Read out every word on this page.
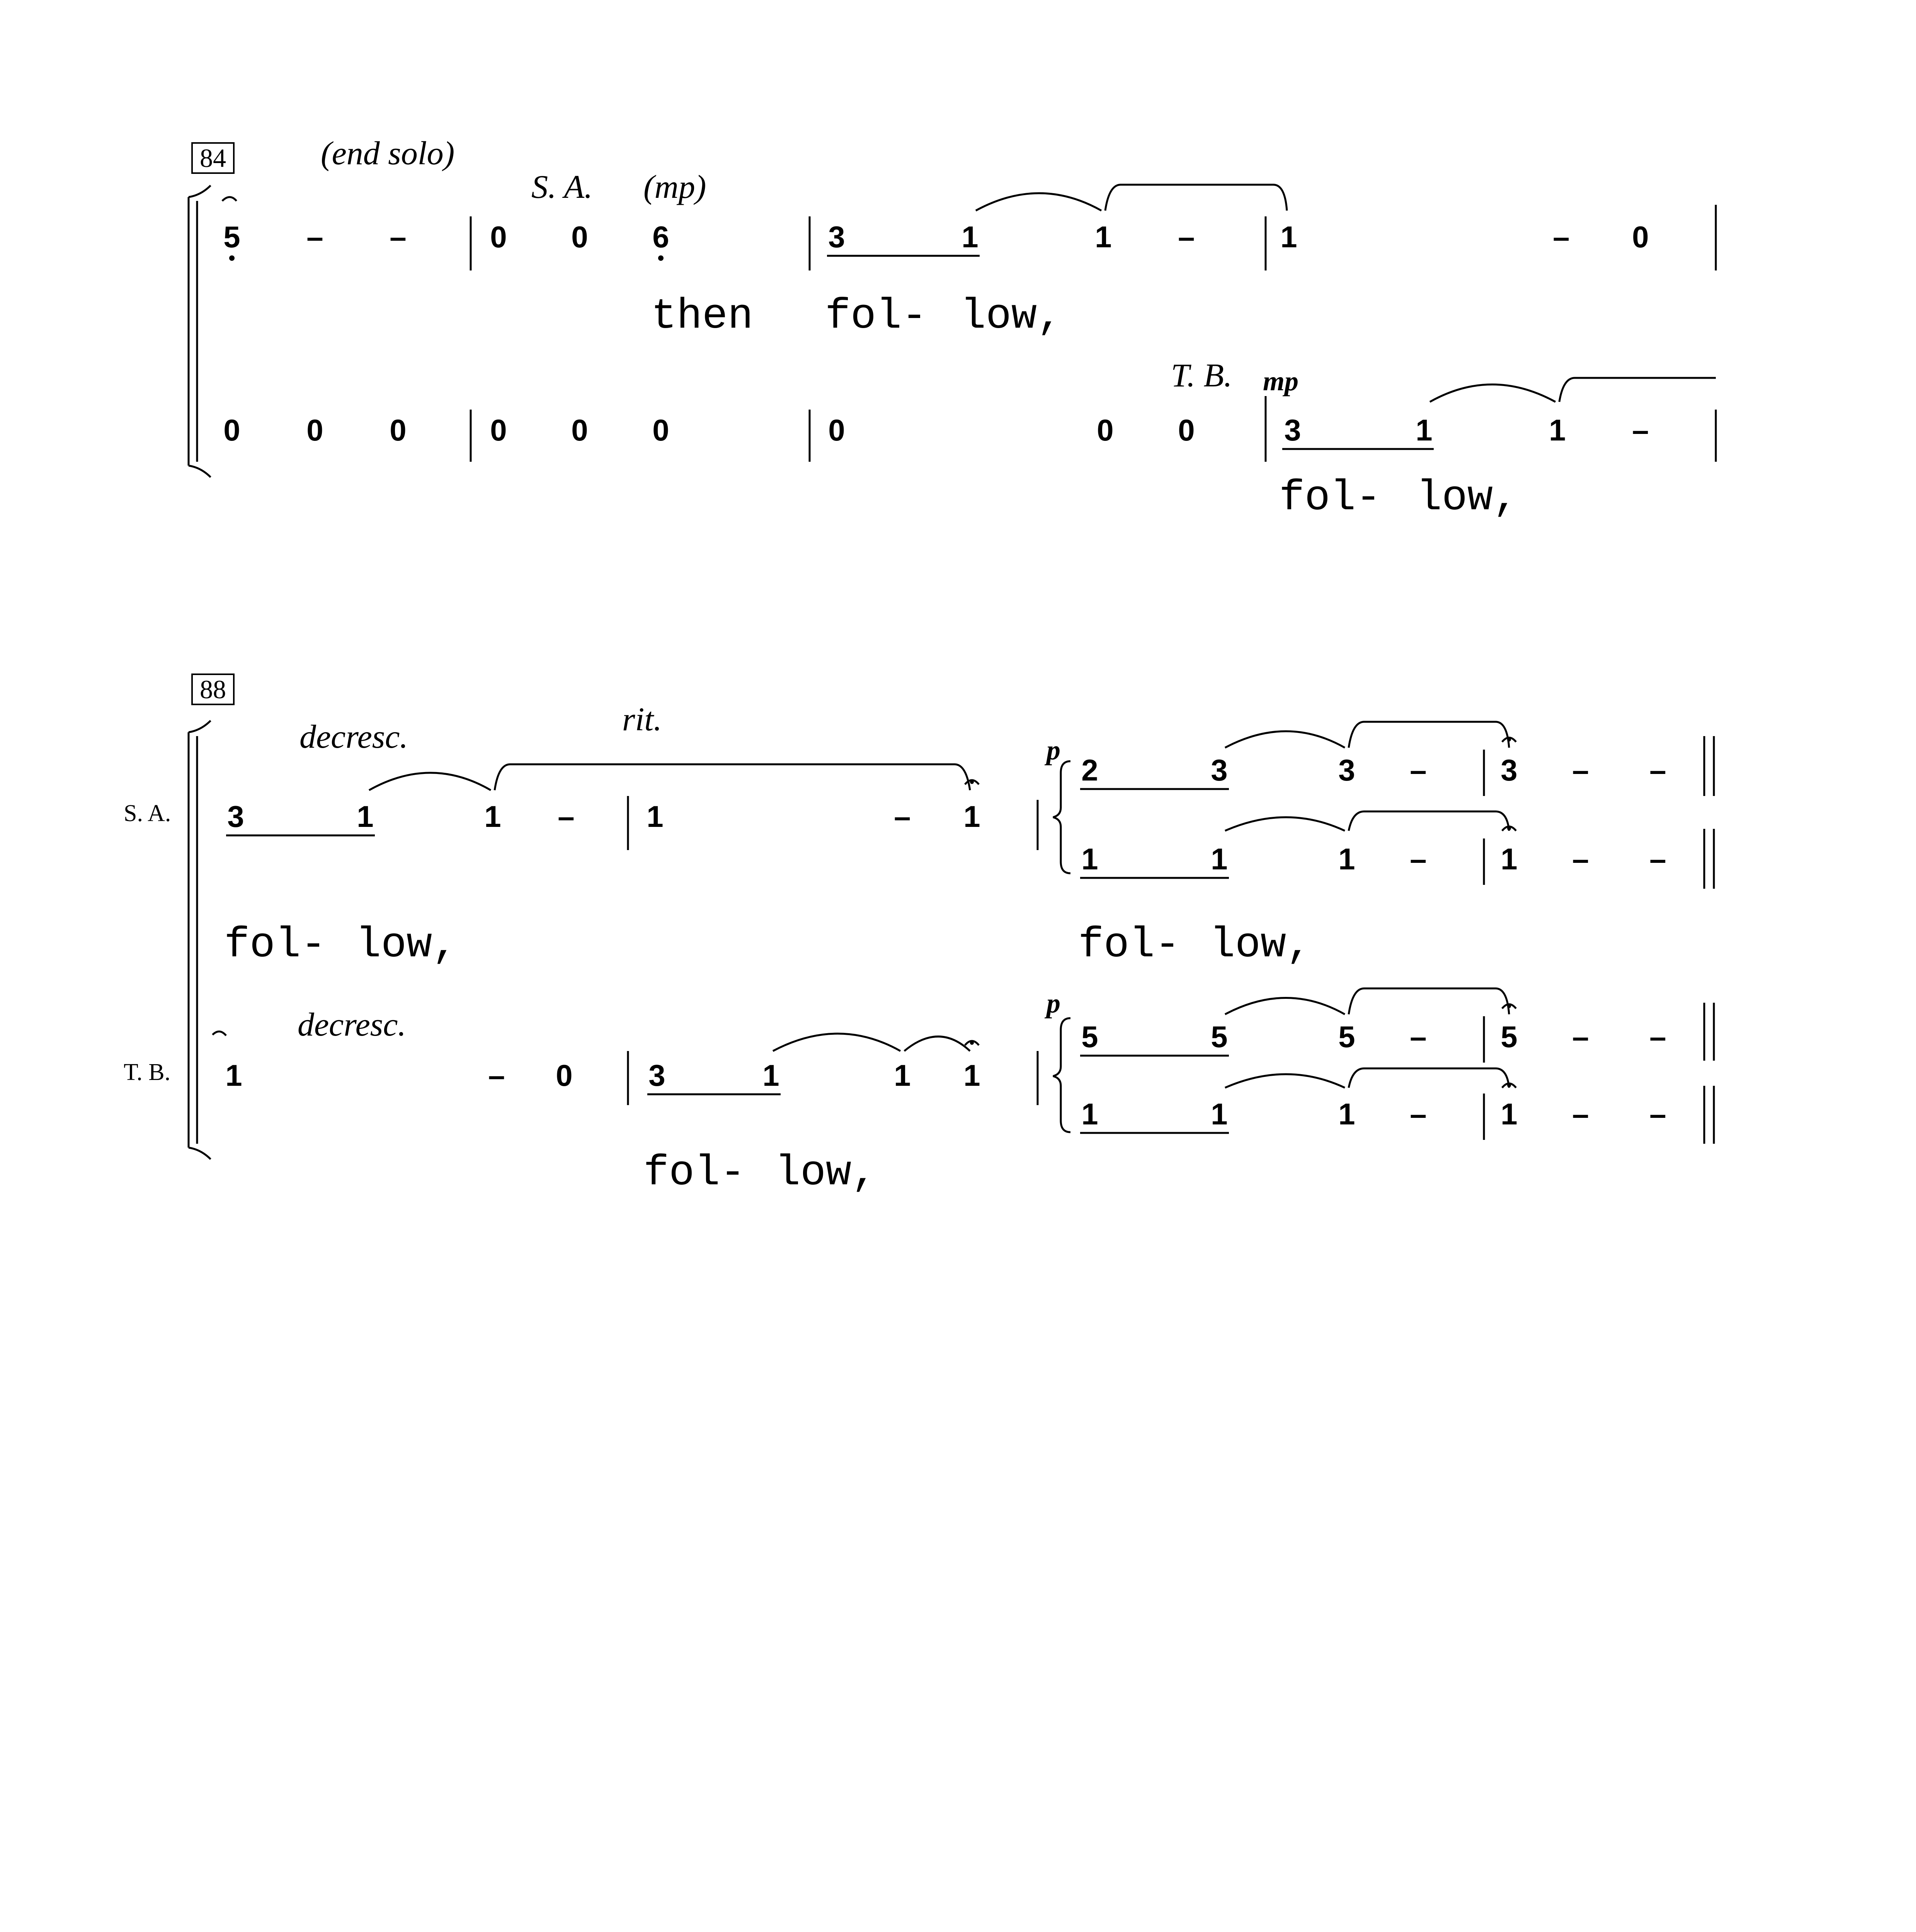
84	(end solo)
S. A. (mp)
T. B. mp
5 – –	0 0 6	3	1	1 –	1	– 0
then fol- low,
0 0 0	0 0 0	0	0 0	3	1	1 –
fol- low,
88
S. A.
T. B.
decresc.	rit.
decresc.
p
p
3	1	1 – 1	– 1
2	3	3 –
1	1	1 –
3 – –
1 – –
fol- low,	fol- low,
1	– 0	3	1	1 1
5	5	5 –
1	1	1 –
5 – –
1 – –
fol- low,
